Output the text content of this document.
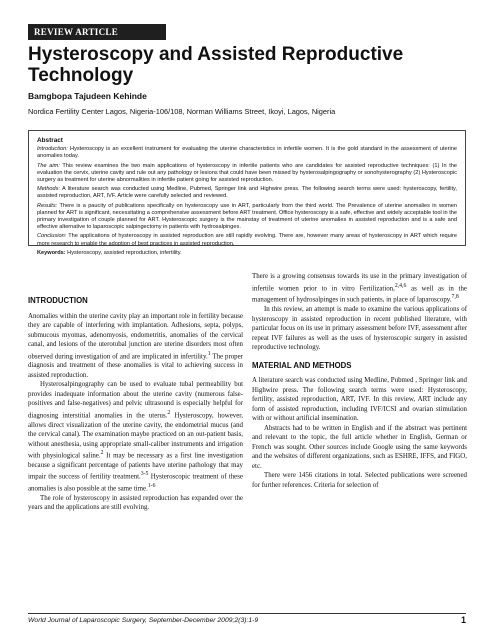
REVIEW ARTICLE
Hysteroscopy and Assisted Reproductive Technology
Bamgbopa Tajudeen Kehinde
Nordica Fertility Center Lagos, Nigeria-106/108, Norman Williams Street, Ikoyi, Lagos, Nigeria
Abstract

Introduction: Hysteroscopy is an excellent instrument for evaluating the uterine characteristics in infertile women. It is the gold standard in the assessment of uterine anomalies today.

The aim: This review examines the two main applications of hysteroscopy in infertile patients who are candidates for assisted reproductive techniques: (1) In the evaluation the cervix, uterine cavity and rule out any pathology or lesions that could have been missed by hysterosalpingography or sonohysterography (2) Hysteroscopic surgery as treatment for uterine abnormalities in infertile patient going for assisted reproduction.

Methods: A literature search was conducted using Medline, Pubmed, Springer link and Highwire press. The following search terms were used: hysteroscopy, fertility, assisted reproduction, ART, IVF. Article were carefully selected and reviewed.

Results: There is a paucity of publications specifically on hysteroscopy use in ART, particularly from the third world. The Prevalence of uterine anomalies in women planned for ART is significant, necessitating a comprehensive assessment before ART treatment. Office hysteroscopy is a safe, effective and widely acceptable tool in the primary investigation of couple planned for ART. Hysteroscopic surgery is the mainstay of treatment of uterine anomalies in assisted reproduction and is a safe and effective alternative to laparoscopic salpingectomy in patients with hydrosalpinges.

Conclusion: The applications of hysteroscopy in assisted reproduction are still rapidly evolving. There are, however many areas of hysteroscopy in ART which require more research to enable the adoption of best practices in assisted reproduction.

Keywords: Hysteroscopy, assisted reproduction, infertility.

INTRODUCTION

Anomalies within the uterine cavity play an important role in fertility because they are capable of interfering with implantation. Adhesions, septa, polyps, submucous myomas, adenomyosis, endometritis, anomalies of the cervical canal, and lesions of the uterotubal junction are uterine disorders most often observed during investigation of and are implicated in infertility.$^1$ The proper diagnosis and treatment of these anomalies is vital to achieving success in assisted reproduction.

Hysterosalpingography can be used to evaluate tubal permeability but provides inadequate information about the uterine cavity (numerous false-positives and false-negatives) and pelvic ultrasound is especially helpful for diagnosing interstitial anomalies in the uterus.$^2$ Hysteroscopy, however, allows direct visualization of the uterine cavity, the endometrial mucus (and the cervical canal). The examination maybe practiced on an out-patient basis, without anesthesia, using appropriate small-caliber instruments and irrigation with physiological saline.$^2$ It may be necessary as a first line investigation because a significant percentage of patients have uterine pathology that may impair the success of fertility treatment.$^{3-5}$ Hysteroscopic treatment of these anomalies is also possible at the same time.$^{1-6}$

The role of hysteroscopy in assisted reproduction has expanded over the years and the applications are still evolving.

There is a growing consensus towards its use in the primary investigation of infertile women prior to in vitro Fertilization,$^{2,4,6}$ as well as in the management of hydrosalpinges in such patients, in place of laparoscopy.$^{7,8}$

In this review, an attempt is made to examine the various applications of hysteroscopy in assisted reproduction in recent published literature, with particular focus on its use in primary assessment before IVF, assessment after repeat IVF failures as well as the uses of hysteroscopic surgery in assisted reproductive technology.

MATERIAL AND METHODS

A literature search was conducted using Medline, Pubmed , Springer link and Highwire press. The following search terms were used: Hysteroscopy, fertility, assisted reproduction, ART, IVF. In this review, ART include any form of assisted reproduction, including IVF/ICSI and ovarian stimulation with or without artificial insemination.

Abstracts had to be written in English and if the abstract was pertinent and relevant to the topic, the full article whether in English, German or French was sought. Other sources include Google using the same keywords and the websites of different organizations, such as ESHRE, IFFS, and FIGO, etc.

There were 1456 citations in total. Selected publications were screened for further references. Criteria for selection of

World Journal of Laparoscopic Surgery, September-December 2009;2(3):1-9	1
